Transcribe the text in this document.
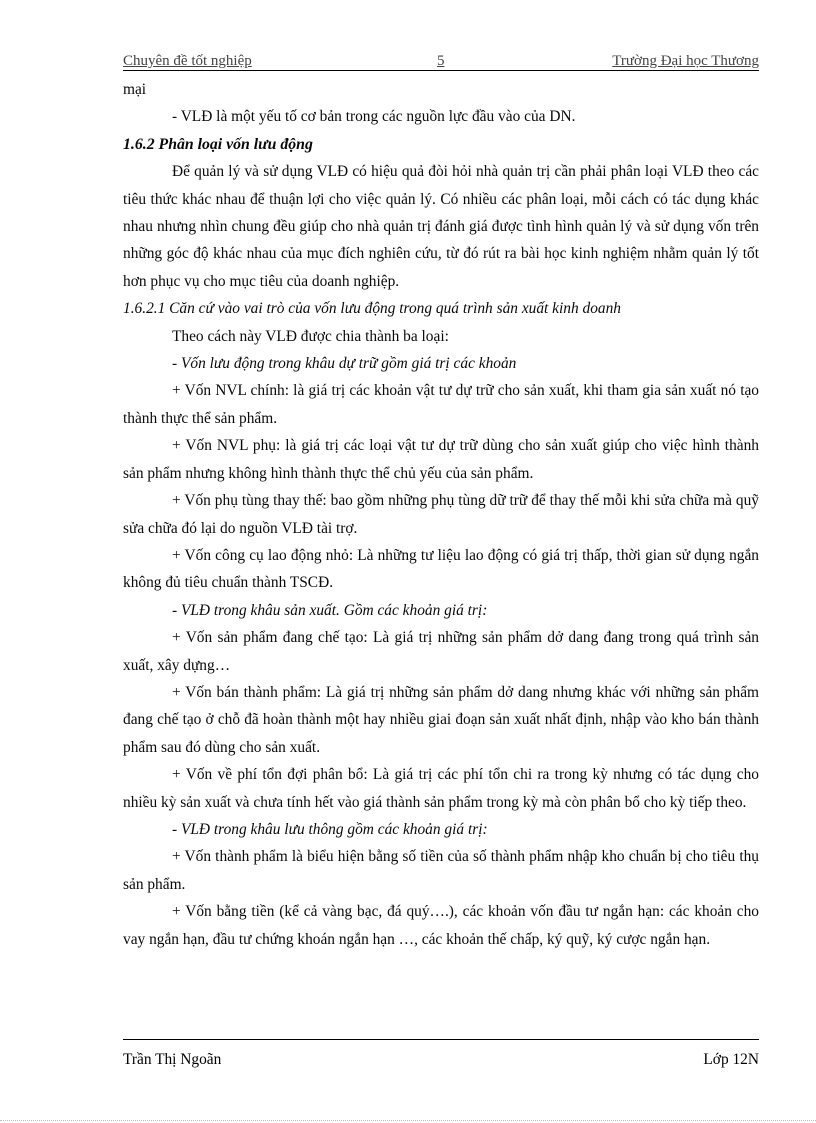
Chuyên đề tốt nghiệp	5	Trường Đại học Thương

mại

- VLĐ là một yếu tố cơ bản trong các nguồn lực đầu vào của DN.

1.6.2 Phân loại vốn lưu động

Để quản lý và sử dụng VLĐ có hiệu quả đòi hỏi nhà quản trị cần phải phân loại VLĐ theo các tiêu thức khác nhau để thuận lợi cho việc quản lý. Có nhiều các phân loại, mỗi cách có tác dụng khác nhau nhưng nhìn chung đều giúp cho nhà quản trị đánh giá được tình hình quản lý và sử dụng vốn trên những góc độ khác nhau của mục đích nghiên cứu, từ đó rút ra bài học kinh nghiệm nhằm quản lý tốt hơn phục vụ cho mục tiêu của doanh nghiệp.

1.6.2.1 Căn cứ vào vai trò của vốn lưu động trong quá trình sản xuất kinh doanh

Theo cách này VLĐ được chia thành ba loại:

- Vốn lưu động trong khâu dự trữ gồm giá trị các khoản

+ Vốn NVL chính: là giá trị các khoản vật tư dự trữ cho sản xuất, khi tham gia sản xuất nó tạo thành thực thể sản phẩm.

+ Vốn NVL phụ: là giá trị các loại vật tư dự trữ dùng cho sản xuất giúp cho việc hình thành sản phẩm nhưng không hình thành thực thể chủ yếu của sản phẩm.

+ Vốn phụ tùng thay thế: bao gồm những phụ tùng dữ trữ để thay thế mỗi khi sửa chữa mà quỹ sửa chữa đó lại do nguồn VLĐ tài trợ.

+ Vốn công cụ lao động nhỏ: Là những tư liệu lao động có giá trị thấp, thời gian sử dụng ngắn không đủ tiêu chuẩn thành TSCĐ.

- VLĐ trong khâu sản xuất. Gồm các khoản giá trị:

+ Vốn sản phẩm đang chế tạo: Là giá trị những sản phẩm dở dang đang trong quá trình sản xuất, xây dựng…

+ Vốn bán thành phẩm: Là giá trị những sản phẩm dở dang nhưng khác với những sản phẩm đang chế tạo ở chỗ đã hoàn thành một hay nhiều giai đoạn sản xuất nhất định, nhập vào kho bán thành phẩm sau đó dùng cho sản xuất.

+ Vốn về phí tổn đợi phân bổ: Là giá trị các phí tổn chi ra trong kỳ nhưng có tác dụng cho nhiều kỳ sản xuất và chưa tính hết vào giá thành sản phẩm trong kỳ mà còn phân bổ cho kỳ tiếp theo.

- VLĐ trong khâu lưu thông gồm các khoản giá trị:

+ Vốn thành phẩm là biểu hiện bằng số tiền của số thành phẩm nhập kho chuẩn bị cho tiêu thụ sản phẩm.

+ Vốn bằng tiền (kể cả vàng bạc, đá quý….), các khoản vốn đầu tư ngắn hạn: các khoản cho vay ngắn hạn, đầu tư chứng khoán ngắn hạn …, các khoản thế chấp, ký quỹ, ký cược ngắn hạn.

Trần Thị Ngoãn	Lớp 12N
